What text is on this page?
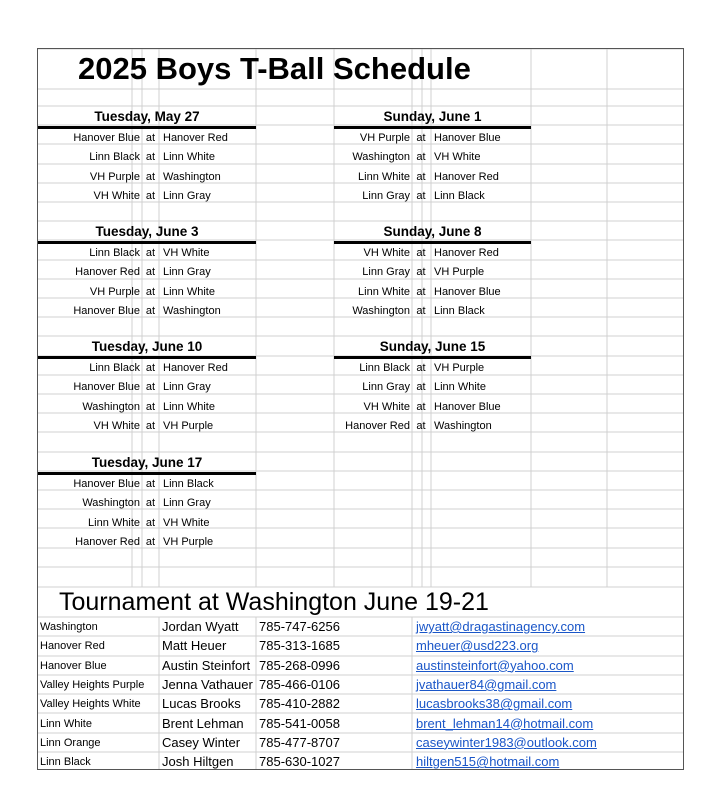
2025 Boys T-Ball Schedule
Tuesday, May 27
Hanover Blue at Hanover Red
Linn Black at Linn White
VH Purple at Washington
VH White at Linn Gray
Tuesday, June 3
Linn Black at VH White
Hanover Red at Linn Gray
VH Purple at Linn White
Hanover Blue at Washington
Tuesday, June 10
Linn Black at Hanover Red
Hanover Blue at Linn Gray
Washington at Linn White
VH White at VH Purple
Tuesday, June 17
Hanover Blue at Linn Black
Washington at Linn Gray
Linn White at VH White
Hanover Red at VH Purple
Sunday, June 1
VH Purple at Hanover Blue
Washington at VH White
Linn White at Hanover Red
Linn Gray at Linn Black
Sunday, June 8
VH White at Hanover Red
Linn Gray at VH Purple
Linn White at Hanover Blue
Washington at Linn Black
Sunday, June 15
Linn Black at VH Purple
Linn Gray at Linn White
VH White at Hanover Blue
Hanover Red at Washington
Tournament at Washington June 19-21
Washington	Jordan Wyatt	785-747-6256	jwyatt@dragastinagency.com
Hanover Red	Matt Heuer	785-313-1685	mheuer@usd223.org
Hanover Blue	Austin Steinfort 785-268-0996	austinsteinfort@yahoo.com
Valley Heights Purple	Jenna Vathauer 785-466-0106	jvathauer84@gmail.com
Valley Heights White	Lucas Brooks	785-410-2882	lucasbrooks38@gmail.com
Linn White	Brent Lehman	785-541-0058	brent_lehman14@hotmail.com
Linn Orange	Casey Winter	785-477-8707	caseywinter1983@outlook.com
Linn Black	Josh Hiltgen	785-630-1027	hiltgen515@hotmail.com
